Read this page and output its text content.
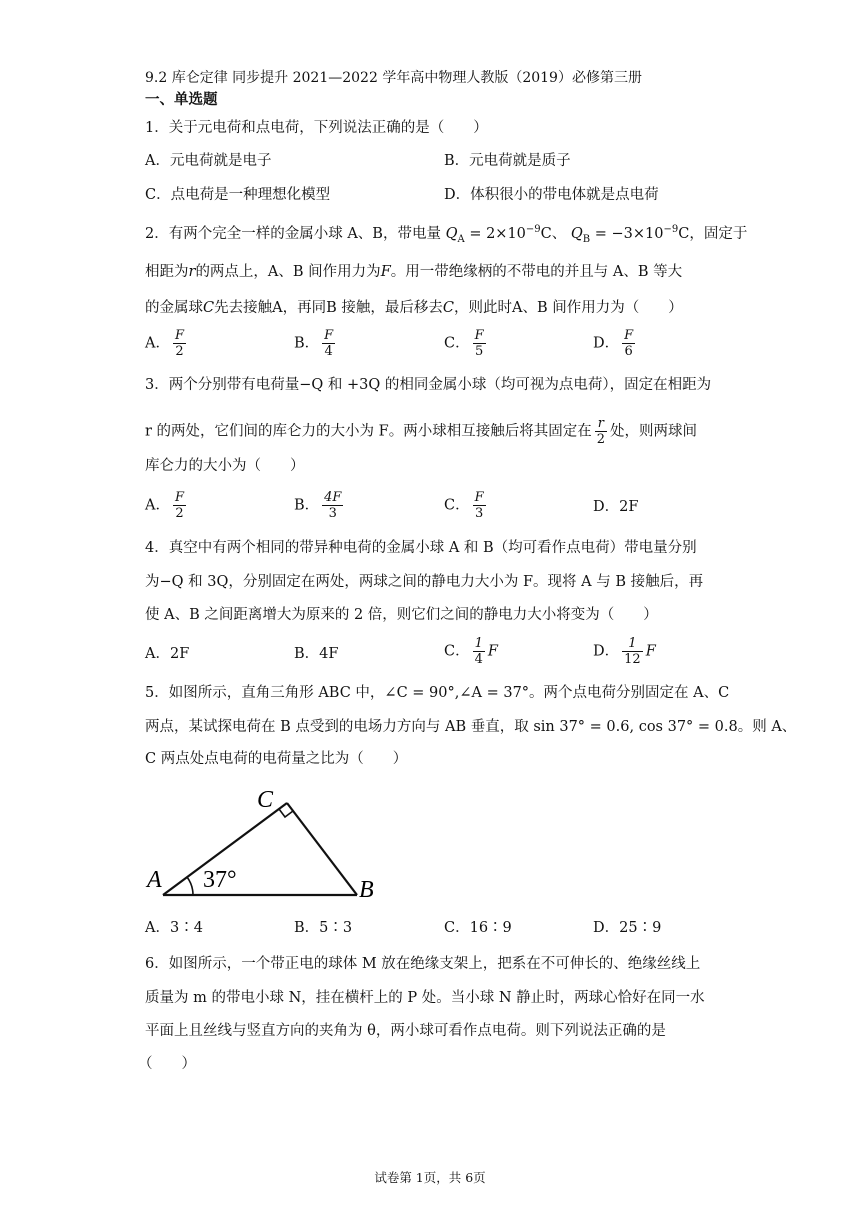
9.2 库仑定律 同步提升 2021—2022 学年高中物理人教版（2019）必修第三册
一、单选题
1．关于元电荷和点电荷，下列说法正确的是（　　）
A．元电荷就是电子	B．元电荷就是质子
C．点电荷是一种理想化模型	D．体积很小的带电体就是点电荷
2．有两个完全一样的金属小球 A、B，带电量 $Q_A = 2\times 10^{-9}C$、 $Q_B = -3\times 10^{-9}C$，固定于
相距为r的两点上，A、B 间作用力为F。用一带绝缘柄的不带电的并且与 A、B 等大
的金属球C先去接触A，再同B 接触，最后移去C，则此时A、B 间作用力为（　　）
A． $\frac{F}{2}$	B． $\frac{F}{4}$	C． $\frac{F}{5}$	D． $\frac{F}{6}$
3．两个分别带有电荷量−Q 和 +3Q 的相同金属小球（均可视为点电荷），固定在相距为
r 的两处，它们间的库仑力的大小为 F。两小球相互接触后将其固定在 $\frac{r}{2}$ 处，则两球间
库仑力的大小为（　　）
A． $\frac{F}{2}$	B． $\frac{4F}{3}$	C． $\frac{F}{3}$	D．2F
4．真空中有两个相同的带异种电荷的金属小球 A 和 B（均可看作点电荷）带电量分别
为−Q 和 3Q，分别固定在两处，两球之间的静电力大小为 F。现将 A 与 B 接触后，再
使 A、B 之间距离增大为原来的 2 倍，则它们之间的静电力大小将变为（　　）
A．2F	B．4F	C． $\frac{1}{4}$ F	D． $\frac{1}{12}$ F
5．如图所示，直角三角形 ABC 中，∠C = 90°,∠A = 37°。两个点电荷分别固定在 A、C
两点，某试探电荷在 B 点受到的电场力方向与 AB 垂直，取 sin 37° = 0.6, cos 37° = 0.8。则 A、
C 两点处点电荷的电荷量之比为（　　）
A	B
C
37°
A．3∶4	B．5∶3	C．16∶9	D．25∶9
6．如图所示，一个带正电的球体 M 放在绝缘支架上，把系在不可伸长的、绝缘丝线上
质量为 m 的带电小球 N，挂在横杆上的 P 处。当小球 N 静止时，两球心恰好在同一水
平面上且丝线与竖直方向的夹角为 θ，两小球可看作点电荷。则下列说法正确的是
（　　）
试卷第 1页，共 6页
